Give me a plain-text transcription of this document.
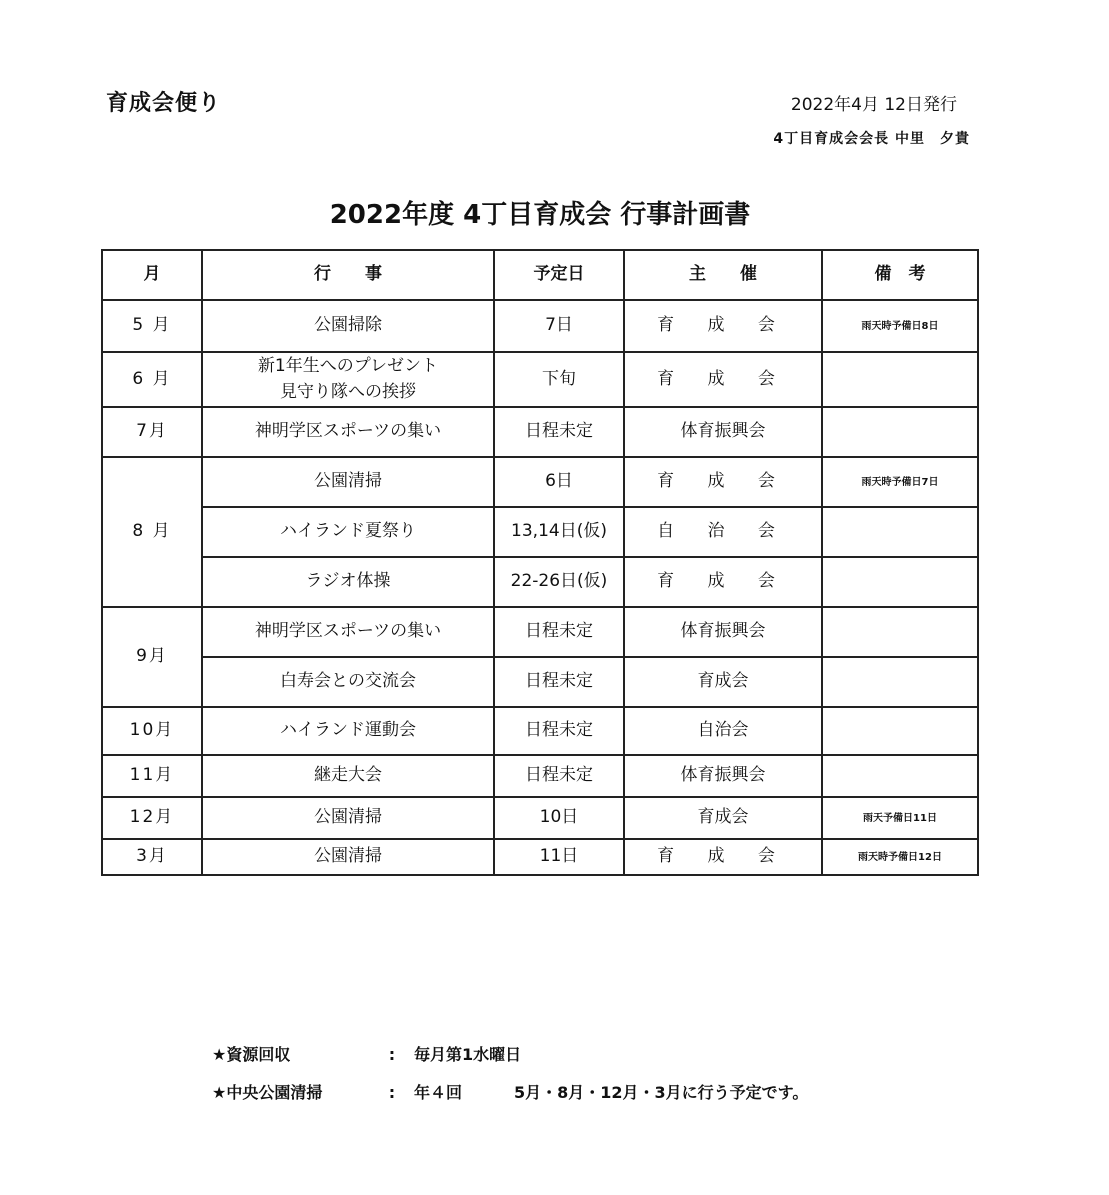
育成会便り	2022年4月 12日発行
4丁目育成会会長 中里　夕貴
2022年度 4丁目育成会 行事計画書
月	行　　事	予定日	主　　催	備　考
5 月	公園掃除	7日	育 成 会	雨天時予備日8日
6 月	新1年生へのプレゼント
見守り隊への挨拶	下旬	育 成 会	
7月	神明学区スポーツの集い	日程未定	体育振興会	
8 月	公園清掃	6日	育 成 会	雨天時予備日7日
	ハイランド夏祭り	13,14日(仮)	自 治 会	
	ラジオ体操	22-26日(仮)	育 成 会	
9月	神明学区スポーツの集い	日程未定	体育振興会	
	白寿会との交流会	日程未定	育成会	
10月	ハイランド運動会	日程未定	自治会	
11月	継走大会	日程未定	体育振興会	
12月	公園清掃	10日	育成会	雨天予備日11日
3月	公園清掃	11日	育 成 会	雨天時予備日12日
★資源回収	: 毎月第1水曜日
★中央公園清掃	: 年４回	5月・8月・12月・3月に行う予定です。
